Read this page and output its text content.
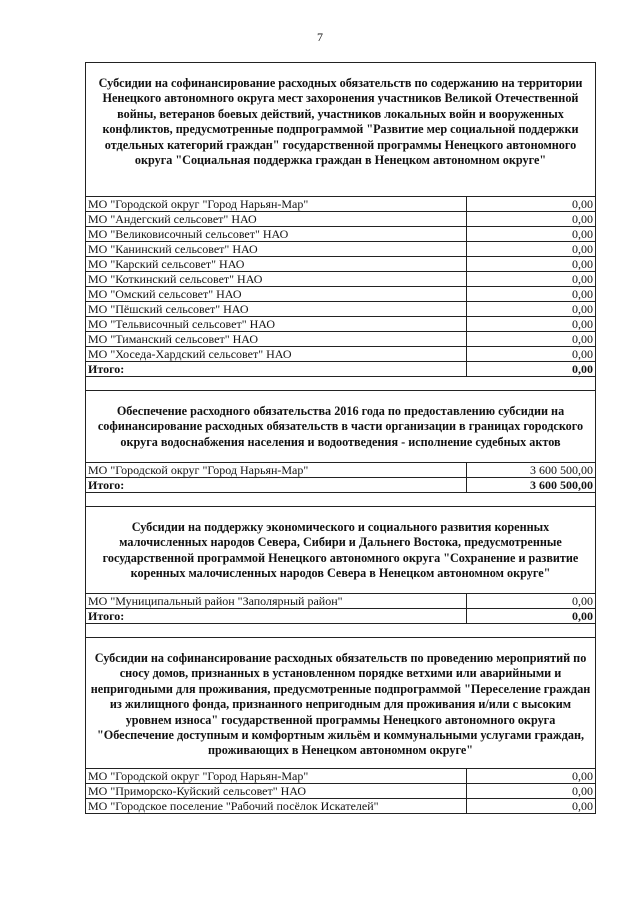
7
Субсидии на софинансирование расходных обязательств по содержанию на территории Ненецкого автономного округа мест захоронения участников Великой Отечественной войны, ветеранов боевых действий, участников локальных войн и вооруженных конфликтов, предусмотренные подпрограммой "Развитие мер социальной поддержки отдельных категорий граждан" государственной программы Ненецкого автономного округа "Социальная поддержка граждан в Ненецком автономном округе"
МО "Городской округ "Город Нарьян-Мар"	0,00
МО "Андегский сельсовет" НАО	0,00
МО "Великовисочный сельсовет" НАО	0,00
МО "Канинский сельсовет" НАО	0,00
МО "Карский сельсовет" НАО	0,00
МО "Коткинский сельсовет" НАО	0,00
МО "Омский сельсовет" НАО	0,00
МО "Пёшский сельсовет" НАО	0,00
МО "Тельвисочный сельсовет" НАО	0,00
МО "Тиманский сельсовет" НАО	0,00
МО "Хоседа-Хардский сельсовет" НАО	0,00
Итого:	0,00
Обеспечение расходного обязательства 2016 года по предоставлению субсидии на софинансирование расходных обязательств в части организации в границах городского округа водоснабжения населения и водоотведения - исполнение судебных актов
МО "Городской округ "Город Нарьян-Мар"	3 600 500,00
Итого:	3 600 500,00
Субсидии на поддержку экономического и социального развития коренных малочисленных народов Севера, Сибири и Дальнего Востока, предусмотренные государственной программой Ненецкого автономного округа "Сохранение и развитие коренных малочисленных народов Севера в Ненецком автономном округе"
МО "Муниципальный район "Заполярный район"	0,00
Итого:	0,00
Субсидии на софинансирование расходных обязательств по проведению мероприятий по сносу домов, признанных в установленном порядке ветхими или аварийными и непригодными для проживания, предусмотренные подпрограммой "Переселение граждан из жилищного фонда, признанного непригодным для проживания и/или с высоким уровнем износа" государственной программы Ненецкого автономного округа "Обеспечение доступным и комфортным жильём и коммунальными услугами граждан, проживающих в Ненецком автономном округе"
МО "Городской округ "Город Нарьян-Мар"	0,00
МО "Приморско-Куйский сельсовет" НАО	0,00
МО "Городское поселение "Рабочий посёлок Искателей"	0,00
